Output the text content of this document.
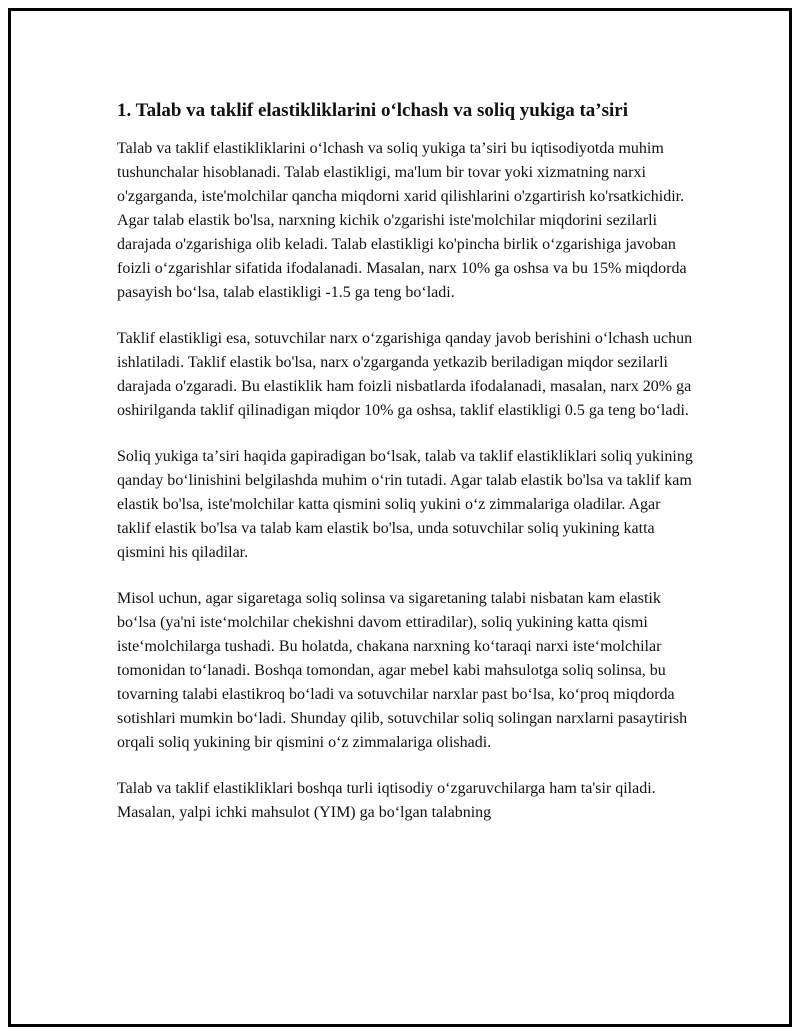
1. Talab va taklif elastikliklarini oʻlchash va soliq yukiga taʼsiri

Talab va taklif elastikliklarini oʻlchash va soliq yukiga taʼsiri bu iqtisodiyotda muhim tushunchalar hisoblanadi. Talab elastikligi, ma'lum bir tovar yoki xizmatning narxi o'zgarganda, iste'molchilar qancha miqdorni xarid qilishlarini o'zgartirish ko'rsatkichidir. Agar talab elastik bo'lsa, narxning kichik o'zgarishi iste'molchilar miqdorini sezilarli darajada o'zgarishiga olib keladi. Talab elastikligi ko'pincha birlik oʻzgarishiga javoban foizli oʻzgarishlar sifatida ifodalanadi. Masalan, narx 10% ga oshsa va bu 15% miqdorda pasayish boʻlsa, talab elastikligi -1.5 ga teng boʻladi.

Taklif elastikligi esa, sotuvchilar narx oʻzgarishiga qanday javob berishini oʻlchash uchun ishlatiladi. Taklif elastik bo'lsa, narx o'zgarganda yetkazib beriladigan miqdor sezilarli darajada o'zgaradi. Bu elastiklik ham foizli nisbatlarda ifodalanadi, masalan, narx 20% ga oshirilganda taklif qilinadigan miqdor 10% ga oshsa, taklif elastikligi 0.5 ga teng boʻladi.

Soliq yukiga taʼsiri haqida gapiradigan boʻlsak, talab va taklif elastikliklari soliq yukining qanday boʻlinishini belgilashda muhim oʻrin tutadi. Agar talab elastik bo'lsa va taklif kam elastik bo'lsa, iste'molchilar katta qismini soliq yukini oʻz zimmalariga oladilar. Agar taklif elastik bo'lsa va talab kam elastik bo'lsa, unda sotuvchilar soliq yukining katta qismini his qiladilar.

Misol uchun, agar sigaretaga soliq solinsa va sigaretaning talabi nisbatan kam elastik boʻlsa (ya'ni isteʻmolchilar chekishni davom ettiradilar), soliq yukining katta qismi isteʻmolchilarga tushadi. Bu holatda, chakana narxning koʻtaraqi narxi isteʻmolchilar tomonidan toʻlanadi. Boshqa tomondan, agar mebel kabi mahsulotga soliq solinsa, bu tovarning talabi elastikroq boʻladi va sotuvchilar narxlar past boʻlsa, koʻproq miqdorda sotishlari mumkin boʻladi. Shunday qilib, sotuvchilar soliq solingan narxlarni pasaytirish orqali soliq yukining bir qismini oʻz zimmalariga olishadi.

Talab va taklif elastikliklari boshqa turli iqtisodiy oʻzgaruvchilarga ham ta'sir qiladi. Masalan, yalpi ichki mahsulot (YIM) ga boʻlgan talabning
